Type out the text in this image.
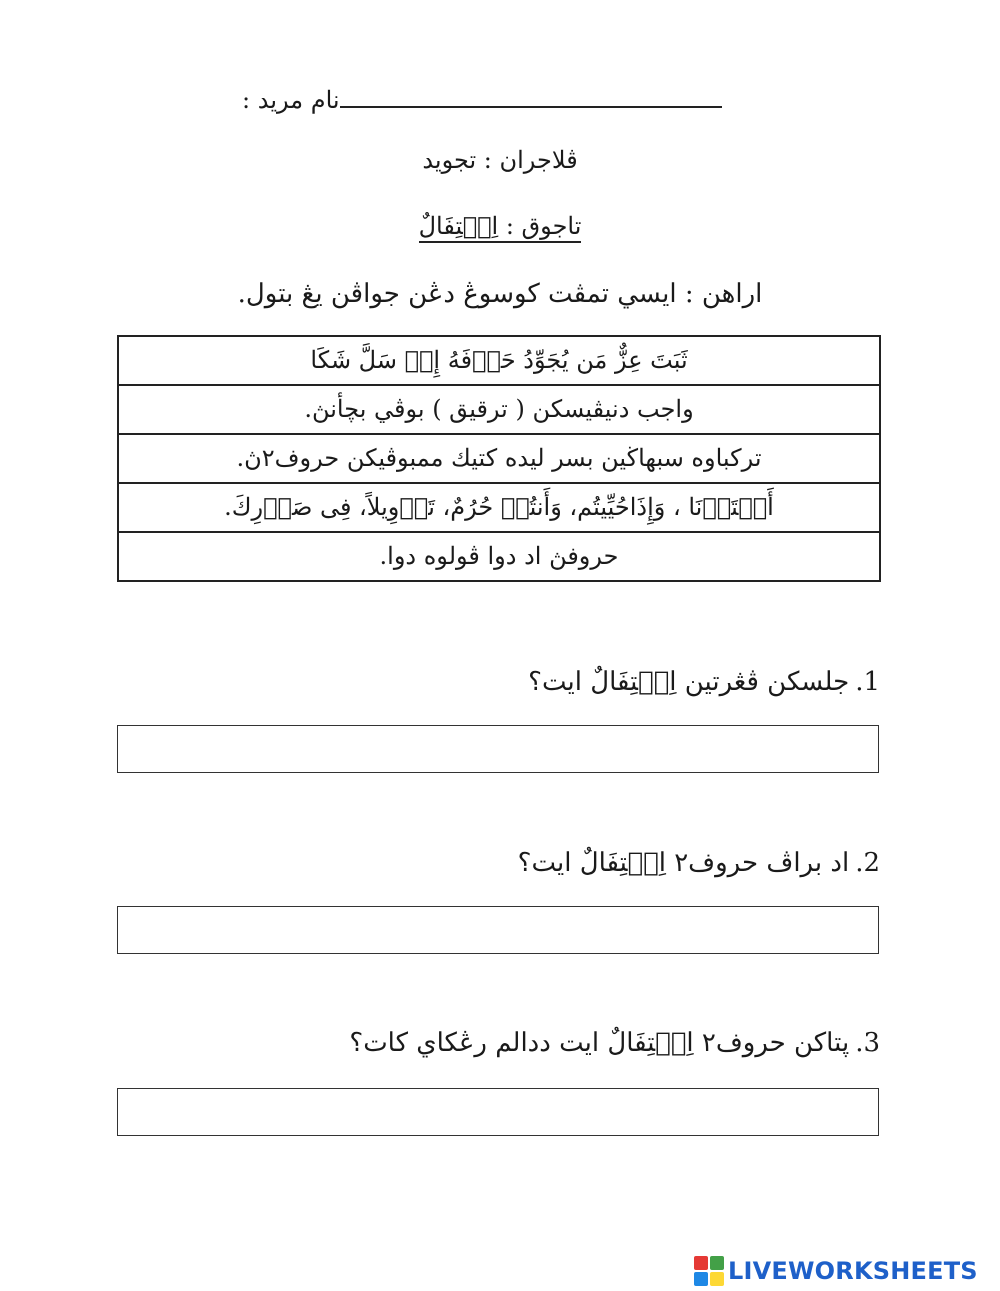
نام مريد :
ڤلاجران : تجويد
تاجوق : اِسۡتِفَالٌ
اراهن : ايسي تمڤت كوسوڠ دڠن جواڤن يڠ بتول.
ثَبَتَ عِزٌّ مَن يُجَوِّدُ حَرۡفَهُ إِذۡ سَلَّ شَكَا
واجب دنيڤيسكن ( ترقيق ) بوڤي بچأنڽ.
تركباوه سبهاڬين بسر ليده كتيك ممبوڤيكن حروف٢ڽ.
أَعۡتَدۡنَا ، وَإِذَاحُيِّيتُم، وَأَنتُمۡ حُرُمٌ، تَأۡوِيلاً، فِى صَدۡرِكَ.
حروفڽ اد دوا ڤولوه دوا.
1.جلسكن ڤڠرتين اِسۡتِفَالٌ ايت؟
2.اد براڤ حروف٢ اِسۡتِفَالٌ ايت؟
3.پتاكن حروف٢ اِسۡتِفَالٌ ايت ددالم رڠكاي كات؟
LIVEWORKSHEETS
